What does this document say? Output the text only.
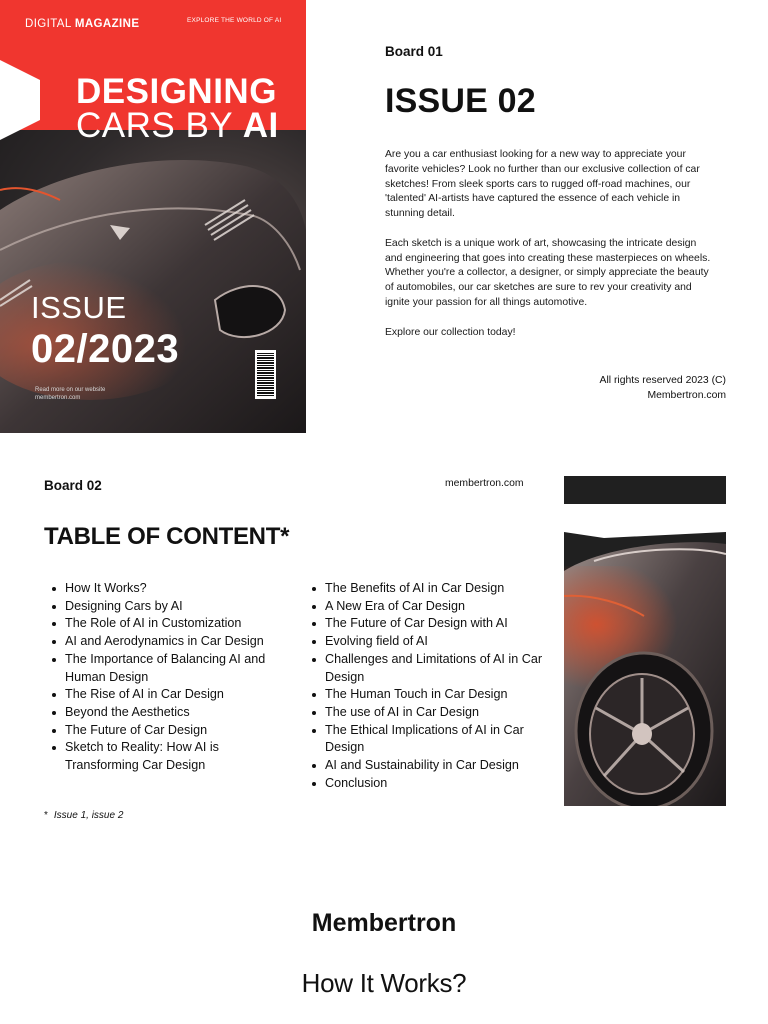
DIGITAL MAGAZINE	EXPLORE THE WORLD OF AI
DESIGNING
CARS BY AI
ISSUE
02/2023
Read more on our website
membertron.com
Board 01
ISSUE 02

Are you a car enthusiast looking for a new way to appreciate your favorite vehicles? Look no further than our exclusive collection of car sketches! From sleek sports cars to rugged off-road machines, our 'talented' AI-artists have captured the essence of each vehicle in stunning detail.

Each sketch is a unique work of art, showcasing the intricate design and engineering that goes into creating these masterpieces on wheels. Whether you're a collector, a designer, or simply appreciate the beauty of automobiles, our car sketches are sure to rev your creativity and ignite your passion for all things automotive.

Explore our collection today!

All rights reserved 2023 (C)
Membertron.com
Board 02	membertron.com
TABLE OF CONTENT*
How It Works?
Designing Cars by AI
The Role of AI in Customization
AI and Aerodynamics in Car Design
The Importance of Balancing AI and Human Design
The Rise of AI in Car Design
Beyond the Aesthetics
The Future of Car Design
Sketch to Reality: How AI is Transforming Car Design
The Benefits of AI in Car Design
A New Era of Car Design
The Future of Car Design with AI
Evolving field of AI
Challenges and Limitations of AI in Car Design
The Human Touch in Car Design
The use of AI in Car Design
The Ethical Implications of AI in Car Design
AI and Sustainability in Car Design
Conclusion
* Issue 1, issue 2
Membertron
How It Works?
